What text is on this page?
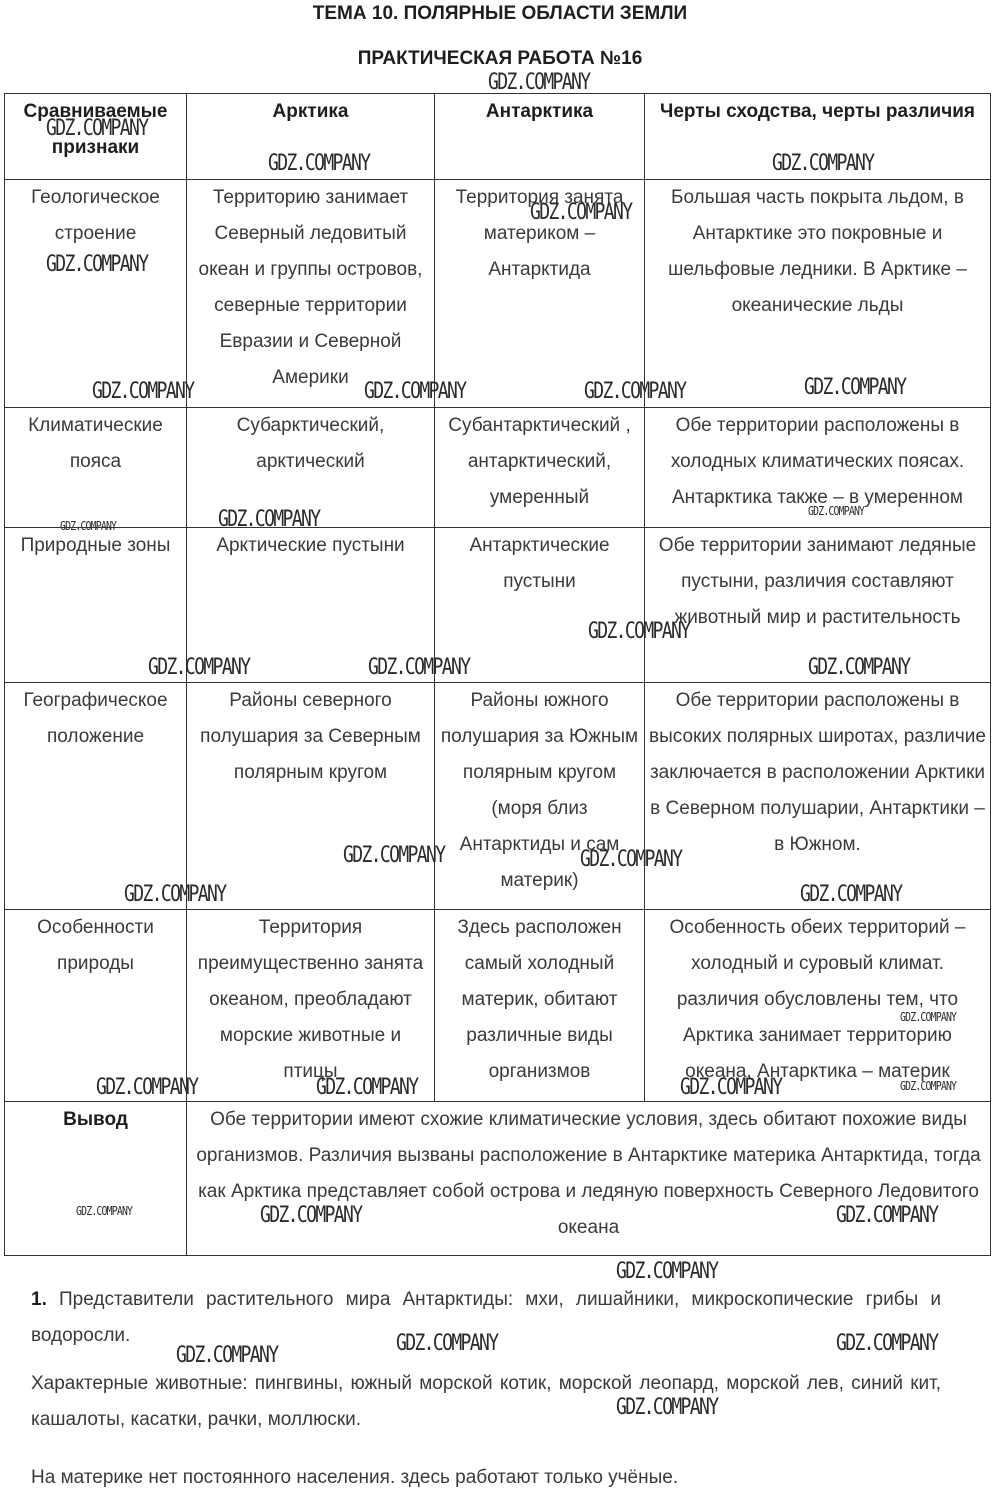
ТЕМА 10. ПОЛЯРНЫЕ ОБЛАСТИ ЗЕМЛИ
ПРАКТИЧЕСКАЯ РАБОТА №16
Сравниваемые признаки	Арктика	Антарктика	Черты сходства, черты различия
Геологическое строение	Территорию занимает Северный ледовитый океан и группы островов, северные территории Евразии и Северной Америки	Территория занята материком – Антарктида	Большая часть покрыта льдом, в Антарктике это покровные и шельфовые ледники. В Арктике – океанические льды
Климатические пояса	Субарктический, арктический	Субантарктический , антарктический, умеренный	Обе территории расположены в холодных климатических поясах. Антарктика также – в умеренном
Природные зоны	Арктические пустыни	Антарктические пустыни	Обе территории занимают ледяные пустыни, различия составляют животный мир и растительность
Географическое положение	Районы северного полушария за Северным полярным кругом	Районы южного полушария за Южным полярным кругом (моря близ Антарктиды и сам материк)	Обе территории расположены в высоких полярных широтах, различие заключается в расположении Арктики в Северном полушарии, Антарктики – в Южном.
Особенности природы	Территория преимущественно занята океаном, преобладают морские животные и птицы	Здесь расположен самый холодный материк, обитают различные виды организмов	Особенность обеих территорий – холодный и суровый климат. различия обусловлены тем, что Арктика занимает территорию океана, Антарктика – материк
Вывод	Обе территории имеют схожие климатические условия, здесь обитают похожие виды организмов. Различия вызваны расположение в Антарктике материка Антарктида, тогда как Арктика представляет собой острова и ледяную поверхность Северного Ледовитого океана		
1. Представители растительного мира Антарктиды: мхи, лишайники, микроскопические грибы и водоросли.
Характерные животные: пингвины, южный морской котик, морской леопард, морской лев, синий кит, кашалоты, касатки, рачки, моллюски.
На материке нет постоянного населения. здесь работают только учёные.
GDZ.COMPANY
GDZ.COMPANY
GDZ.COMPANY	GDZ.COMPANY
GDZ.COMPANY
GDZ.COMPANY
GDZ.COMPANY	GDZ.COMPANY	GDZ.COMPANY	GDZ.COMPANY
GDZ.COMPANY
GDZ.COMPANY	GDZ.COMPANY
GDZ.COMPANY
GDZ.COMPANY	GDZ.COMPANY	GDZ.COMPANY
GDZ.COMPANY	GDZ.COMPANY
GDZ.COMPANY	GDZ.COMPANY
GDZ.COMPANY
GDZ.COMPANY	GDZ.COMPANY	GDZ.COMPANY	GDZ.COMPANY
GDZ.COMPANY	GDZ.COMPANY
GDZ.COMPANY
GDZ.COMPANY
GDZ.COMPANY	GDZ.COMPANY
GDZ.COMPANY
GDZ.COMPANY
